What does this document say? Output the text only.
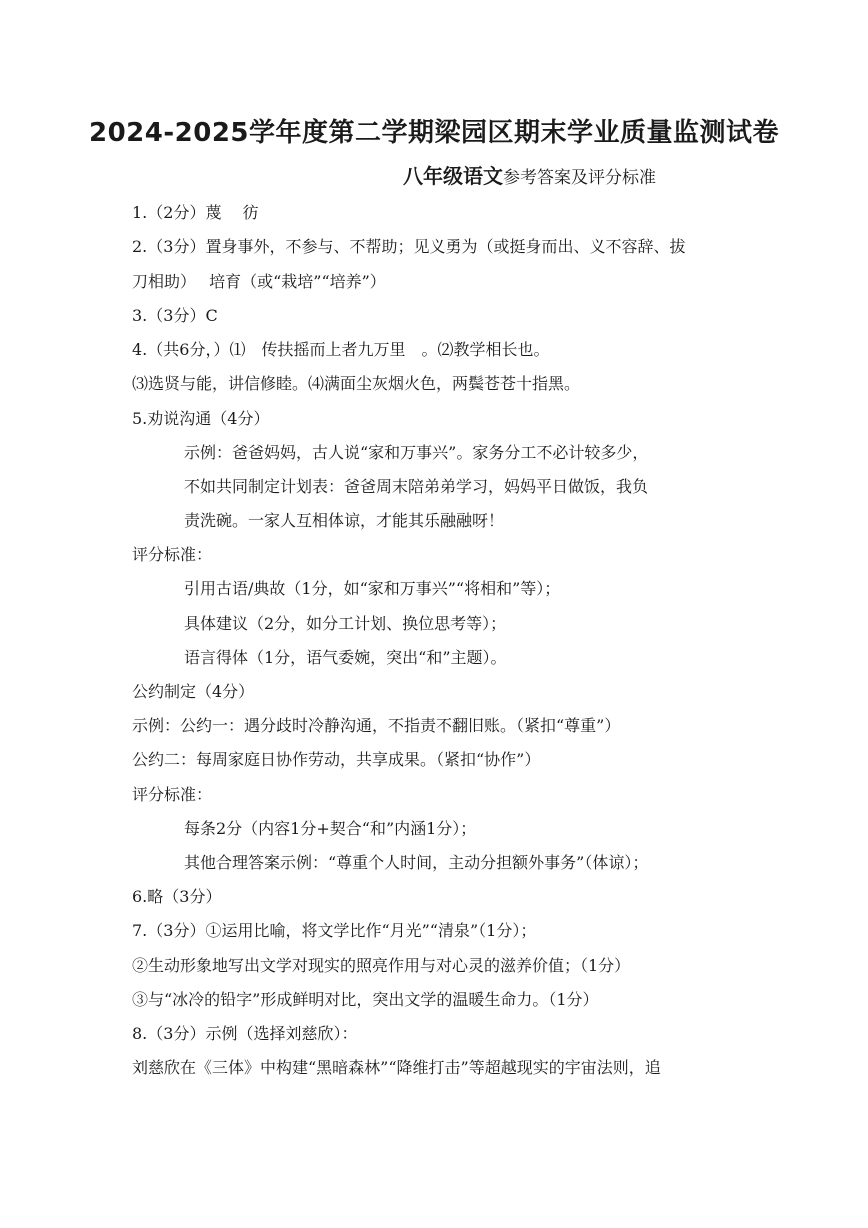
2024-2025学年度第二学期梁园区期末学业质量监测试卷
八年级语文参考答案及评分标准
1.（2分）蔑　 彷
2.（3分）置身事外，不参与、不帮助；见义勇为（或挺身而出、义不容辞、拔
刀相助）　 培育（或“栽培”“培养”）
3.（3分）C
4.（共6分，）⑴　传扶摇而上者九万里　。⑵教学相长也。
⑶选贤与能，讲信修睦。⑷满面尘灰烟火色，两鬓苍苍十指黑。
5.劝说沟通（4分）
示例：爸爸妈妈，古人说“家和万事兴”。家务分工不必计较多少，
不如共同制定计划表：爸爸周末陪弟弟学习，妈妈平日做饭，我负
责洗碗。一家人互相体谅，才能其乐融融呀！
评分标准：
引用古语/典故（1分，如“家和万事兴”“将相和”等）；
具体建议（2分，如分工计划、换位思考等）；
语言得体（1分，语气委婉，突出“和”主题）。
公约制定（4分）
示例：公约一：遇分歧时冷静沟通，不指责不翻旧账。（紧扣“尊重”）
公约二：每周家庭日协作劳动，共享成果。（紧扣“协作”）
评分标准：
每条2分（内容1分+契合“和”内涵1分）；
其他合理答案示例：“尊重个人时间，主动分担额外事务”（体谅）；
6.略（3分）
7.（3分）①运用比喻，将文学比作“月光”“清泉”（1分）；
②生动形象地写出文学对现实的照亮作用与对心灵的滋养价值；（1分）
③与“冰冷的铅字”形成鲜明对比，突出文学的温暖生命力。（1分）
8.（3分）示例（选择刘慈欣）：
刘慈欣在《三体》中构建“黑暗森林”“降维打击”等超越现实的宇宙法则，追
